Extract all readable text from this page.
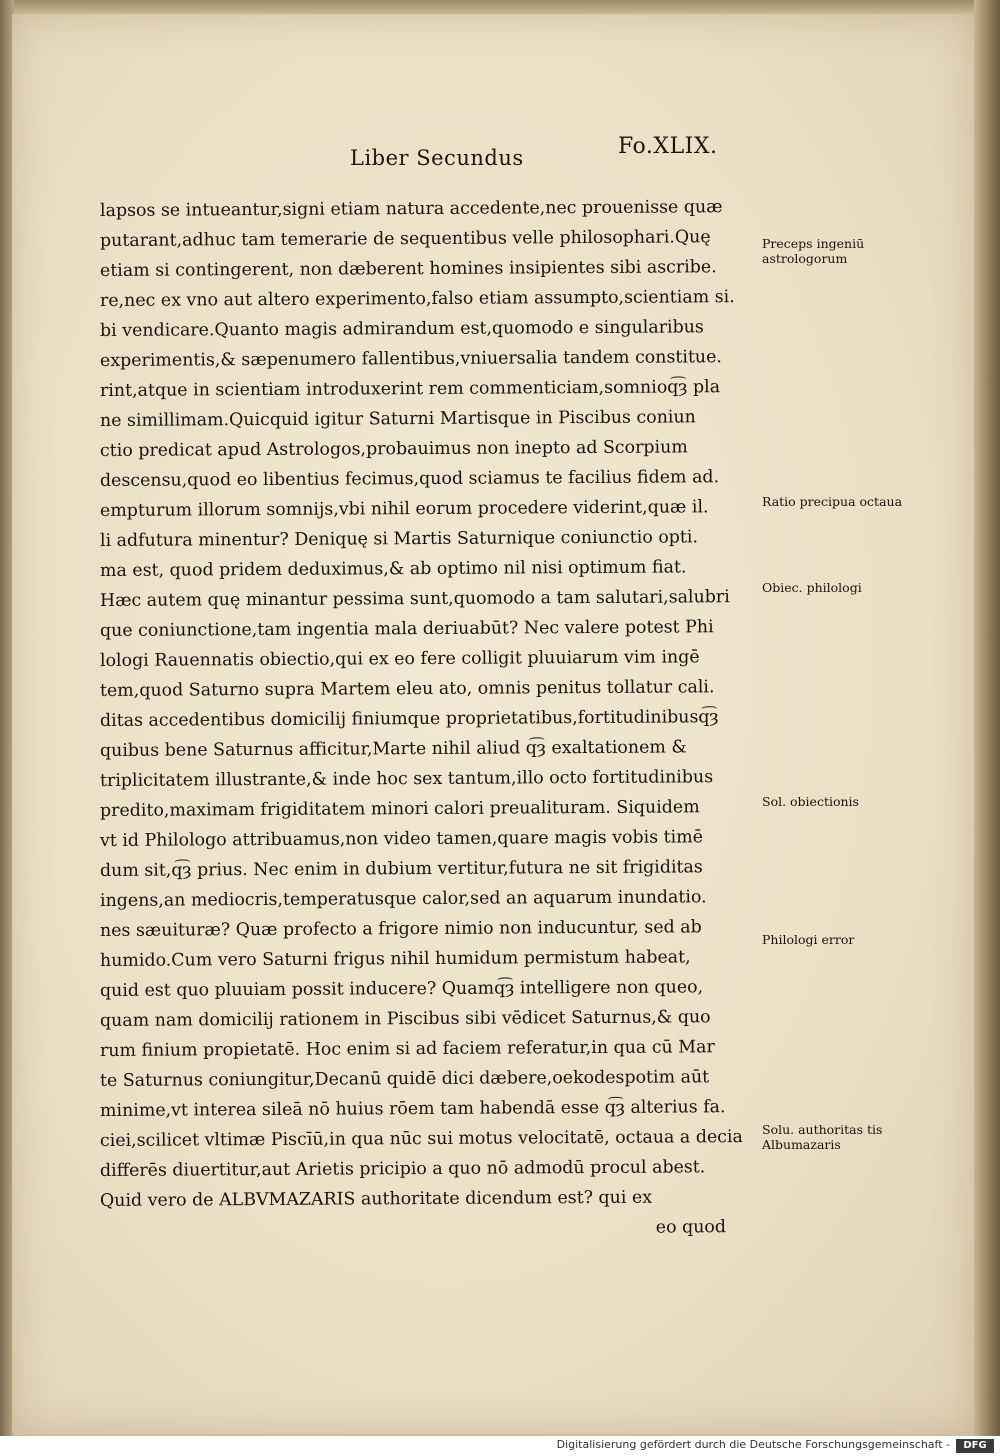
Liber Secundus	Fo.XLIX.
lapsos se intueantur,signi etiam natura accedente,nec prouenisse quæ
putarant,adhuc tam temerarie de sequentibus velle philosophari.Quę
etiam si contingerent, non dæberent homines insipientes sibi ascribe.
re,nec ex vno aut altero experimento,falso etiam assumpto,scientiam si.
bi vendicare.Quanto magis admirandum est,quomodo e singularibus
experimentis,& sæpenumero fallentibus,vniuersalia tandem constitue.
rint,atque in scientiam introduxerint rem commenticiam,somnioq͡ȝ pla
ne simillimam.Quicquid igitur Saturni Martisque in Piscibus coniun
ctio predicat apud Astrologos,probauimus non inepto ad Scorpium
descensu,quod eo libentius fecimus,quod sciamus te facilius fidem ad.
empturum illorum somnijs,vbi nihil eorum procedere viderint,quæ il.
li adfutura minentur? Deniquę si Martis Saturnique coniunctio opti.
ma est, quod pridem deduximus,& ab optimo nil nisi optimum fiat.
Hæc autem quę minantur pessima sunt,quomodo a tam salutari,salubri
que coniunctione,tam ingentia mala deriuabūt? Nec valere potest Phi
lologi Rauennatis obiectio,qui ex eo fere colligit pluuiarum vim ingē
tem,quod Saturno supra Martem eleu ato, omnis penitus tollatur cali.
ditas accedentibus domicilij finiumque proprietatibus,fortitudinibusq͡ȝ
quibus bene Saturnus afficitur,Marte nihil aliud q͡ȝ exaltationem &
triplicitatem illustrante,& inde hoc sex tantum,illo octo fortitudinibus
predito,maximam frigiditatem minori calori preualituram. Siquidem
vt id Philologo attribuamus,non video tamen,quare magis vobis timē
dum sit,q͡ȝ prius. Nec enim in dubium vertitur,futura ne sit frigiditas
ingens,an mediocris,temperatusque calor,sed an aquarum inundatio.
nes sæuituræ? Quæ profecto a frigore nimio non inducuntur, sed ab
humido.Cum vero Saturni frigus nihil humidum permistum habeat,
quid est quo pluuiam possit inducere? Quamq͡ȝ intelligere non queo,
quam nam domicilij rationem in Piscibus sibi vēdicet Saturnus,& quo
rum finium propietatē. Hoc enim si ad faciem referatur,in qua cū Mar
te Saturnus coniungitur,Decanū quidē dici dæbere,oekodespotim aūt
minime,vt interea sileā nō huius rōem tam habendā esse q͡ȝ alterius fa.
ciei,scilicet vltimæ Piscīū,in qua nūc sui motus velocitatē, octaua a decia
differēs diuertitur,aut Arietis pricipio a quo nō admodū procul abest.
Quid vero de ALBVMAZARIS authoritate dicendum est? qui ex
eo quod
Preceps ingeniū astrologorum
Ratio precipua octaua
Obiec. philologi
Sol. obiectionis
Philologi error
Solu. authoritas tis Albumazaris
Digitalisierung gefördert durch die Deutsche Forschungsgemeinschaft -	DFG
